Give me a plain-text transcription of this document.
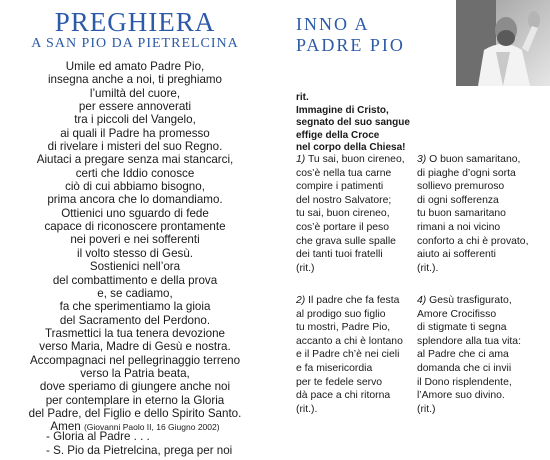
PREGHIERA
A SAN PIO DA PIETRELCINA
Umile ed amato Padre Pio,
insegna anche a noi, ti preghiamo
l’umiltà del cuore,
per essere annoverati
tra i piccoli del Vangelo,
ai quali il Padre ha promesso
di rivelare i misteri del suo Regno.
Aiutaci a pregare senza mai stancarci,
certi che Iddio conosce
ciò di cui abbiamo bisogno,
prima ancora che lo domandiamo.
Ottienici uno sguardo di fede
capace di riconoscere prontamente
nei poveri e nei sofferenti
il volto stesso di Gesù.
Sostienici nell’ora
del combattimento e della prova
e, se cadiamo,
fa che sperimentiamo la gioia
del Sacramento del Perdono.
Trasmettici la tua tenera devozione
verso Maria, Madre di Gesù e nostra.
Accompagnaci nel pellegrinaggio terreno
verso la Patria beata,
dove speriamo di giungere anche noi
per contemplare in eterno la Gloria
del Padre, del Figlio e dello Spirito Santo.
Amen (Giovanni Paolo II, 16 Giugno 2002)
- Gloria al Padre . . .
- S. Pio da Pietrelcina, prega per noi
INNO A
PADRE PIO
rit.
Immagine di Cristo,
segnato del suo sangue
effige della Croce
nel corpo della Chiesa!
1) Tu sai, buon cireneo,
cos’è nella tua carne
compire i patimenti
del nostro Salvatore;
tu sai, buon cireneo,
cos’è portare il peso
che grava sulle spalle
dei tanti tuoi fratelli
(rit.)
2) Il padre che fa festa
al prodigo suo figlio
tu mostri, Padre Pio,
accanto a chi è lontano
e il Padre ch’è nei cieli
e fa misericordia
per te fedele servo
dà pace a chi ritorna
(rit.).
3) O buon samaritano,
di piaghe d’ogni sorta
sollievo premuroso
di ogni sofferenza
tu buon samaritano
rimani a noi vicino
conforto a chi è provato,
aiuto ai sofferenti
(rit.).
4) Gesù trasfigurato,
Amore Crocifisso
di stigmate ti segna
splendore alla tua vita:
al Padre che ci ama
domanda che ci invii
il Dono risplendente,
l’Amore suo divino.
(rit.)
